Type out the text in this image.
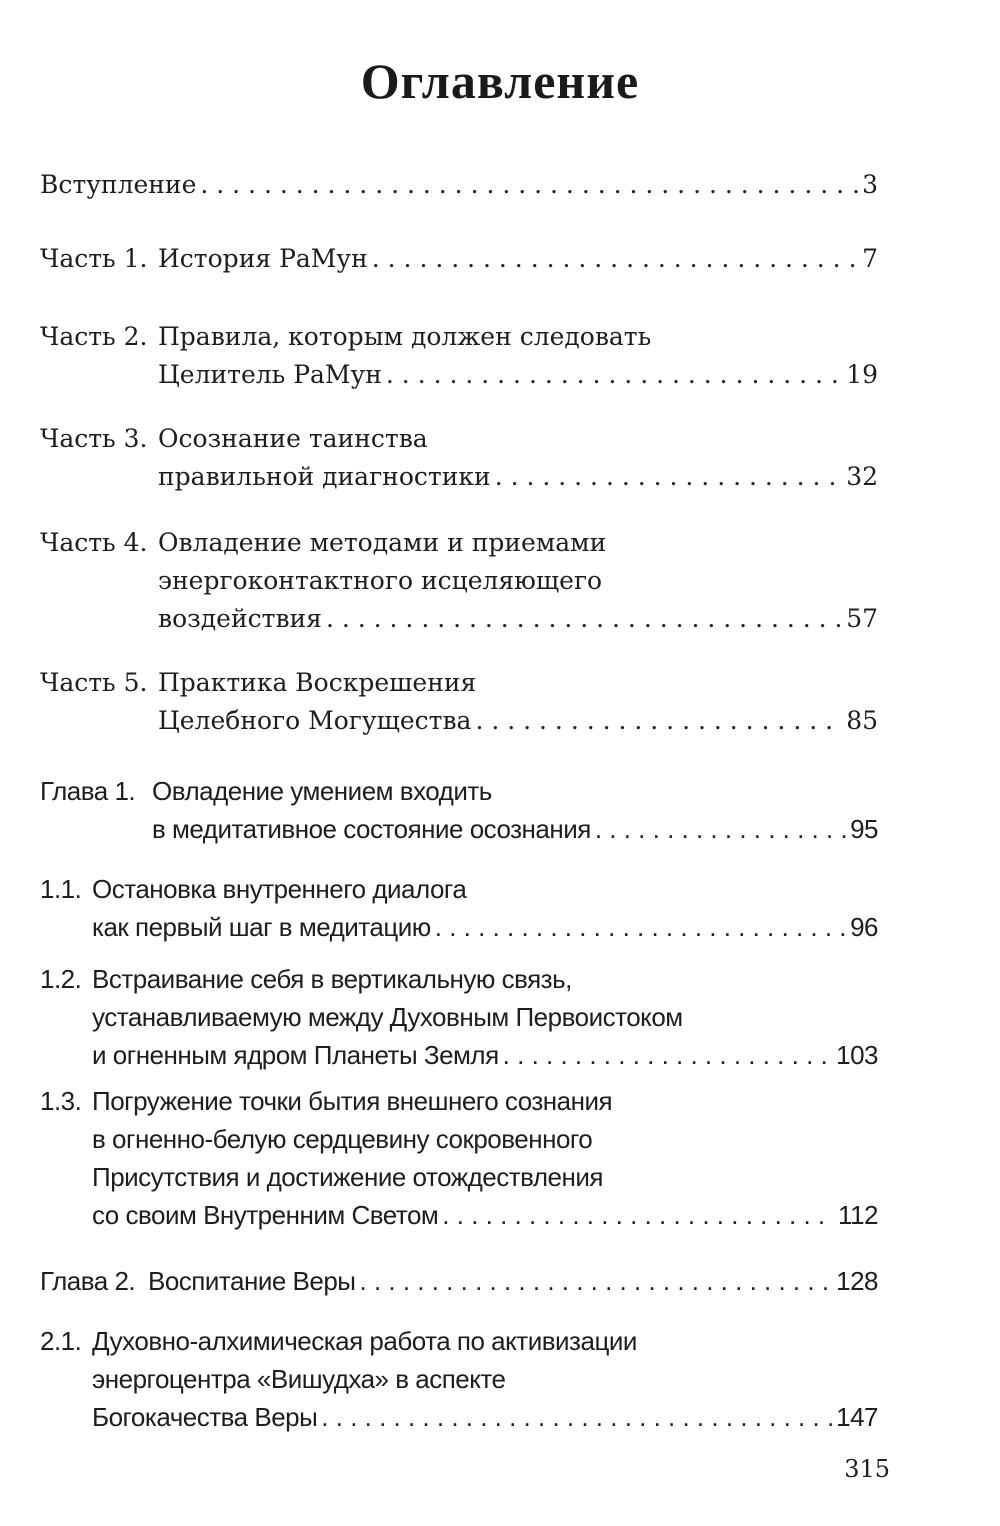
Оглавление
Вступление . . .	3
Часть 1. История РаМун . . .	7
Часть 2. Правила, которым должен следовать
Целитель РаМун . . .	19
Часть 3. Осознание таинства
правильной диагностики . . .	32
Часть 4. Овладение методами и приемами
энергоконтактного исцеляющего
воздействия . . .	57
Часть 5. Практика Воскрешения
Целебного Могущества . . .	85
Глава 1. Овладение умением входить
в медитативное состояние осознания . . .	95
1.1. Остановка внутреннего диалога
как первый шаг в медитацию . . .	96
1.2. Встраивание себя в вертикальную связь,
устанавливаемую между Духовным Первоистоком
и огненным ядром Планеты Земля . . .	103
1.3. Погружение точки бытия внешнего сознания
в огненно-белую сердцевину сокровенного
Присутствия и достижение отождествления
со своим Внутренним Светом . . .	112
Глава 2. Воспитание Веры . . .	128
2.1. Духовно-алхимическая работа по активизации
энергоцентра «Вишудха» в аспекте
Богокачества Веры . . .	147
315
